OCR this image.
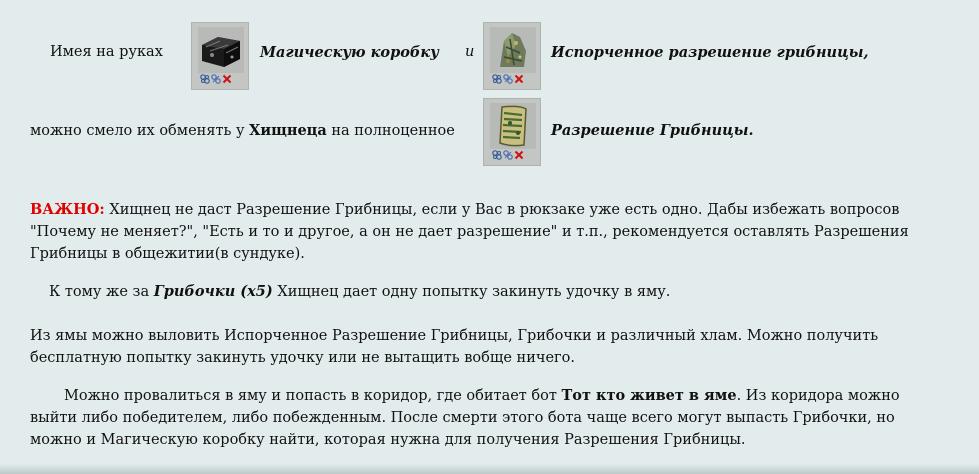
Имея на руках	Магическую коробку и	Испорченное разрешение грибницы,
можно смело их обменять у Хищнеца на полноценное	Разрешение Грибницы.

ВАЖНО: Хищнец не даст Разрешение Грибницы, если у Вас в рюкзаке уже есть одно. Дабы избежать вопросов "Почему не меняет?", "Есть и то и другое, а он не дает разрешение" и т.п., рекомендуется оставлять Разрешения Грибницы в общежитии(в сундуке).

К тому же за Грибочки (x5) Хищнец дает одну попытку закинуть удочку в яму.

Из ямы можно выловить Испорченное Разрешение Грибницы, Грибочки и различный хлам. Можно получить бесплатную попытку закинуть удочку или не вытащить вобще ничего.

Можно провалиться в яму и попасть в коридор, где обитает бот Тот кто живет в яме. Из коридора можно выйти либо победителем, либо побежденным. После смерти этого бота чаще всего могут выпасть Грибочки, но можно и Магическую коробку найти, которая нужна для получения Разрешения Грибницы.
